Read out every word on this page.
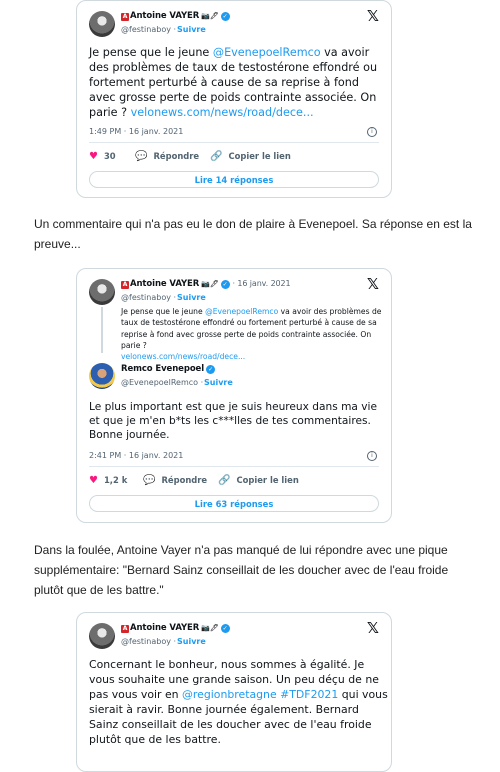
A Antoine VAYER 📷🖊 ✓
@festinaboy · Suivre
𝕏
Je pense que le jeune @EvenepoelRemco va avoir des problèmes de taux de testostérone effondré ou fortement perturbé à cause de sa reprise à fond avec grosse perte de poids contrainte associée. On parie ? velonews.com/news/road/dece...
1:49 PM · 16 janv. 2021	i
♥ 30 💬 Répondre 🔗 Copier le lien
Lire 14 réponses
Un commentaire qui n'a pas eu le don de plaire à Evenepoel. Sa réponse en est la preuve...
A Antoine VAYER 📷🖊 ✓ · 16 janv. 2021
@festinaboy · Suivre
𝕏
Je pense que le jeune @EvenepoelRemco va avoir des problèmes de taux de testostérone effondré ou fortement perturbé à cause de sa reprise à fond avec grosse perte de poids contrainte associée. On parie ?
velonews.com/news/road/dece...
Remco Evenepoel ✓
@EvenepoelRemco · Suivre
Le plus important est que je suis heureux dans ma vie et que je m'en b*ts les c***lles de tes commentaires. Bonne journée.
2:41 PM · 16 janv. 2021	i
♥ 1,2 k 💬 Répondre 🔗 Copier le lien
Lire 63 réponses
Dans la foulée, Antoine Vayer n'a pas manqué de lui répondre avec une pique supplémentaire: "Bernard Sainz conseillait de les doucher avec de l'eau froide plutôt que de les battre."
A Antoine VAYER 📷🖊 ✓
@festinaboy · Suivre
𝕏
Concernant le bonheur, nous sommes à égalité. Je vous souhaite une grande saison. Un peu déçu de ne pas vous voir en @regionbretagne #TDF2021 qui vous sierait à ravir. Bonne journée également. Bernard Sainz conseillait de les doucher avec de l'eau froide plutôt que de les battre.
